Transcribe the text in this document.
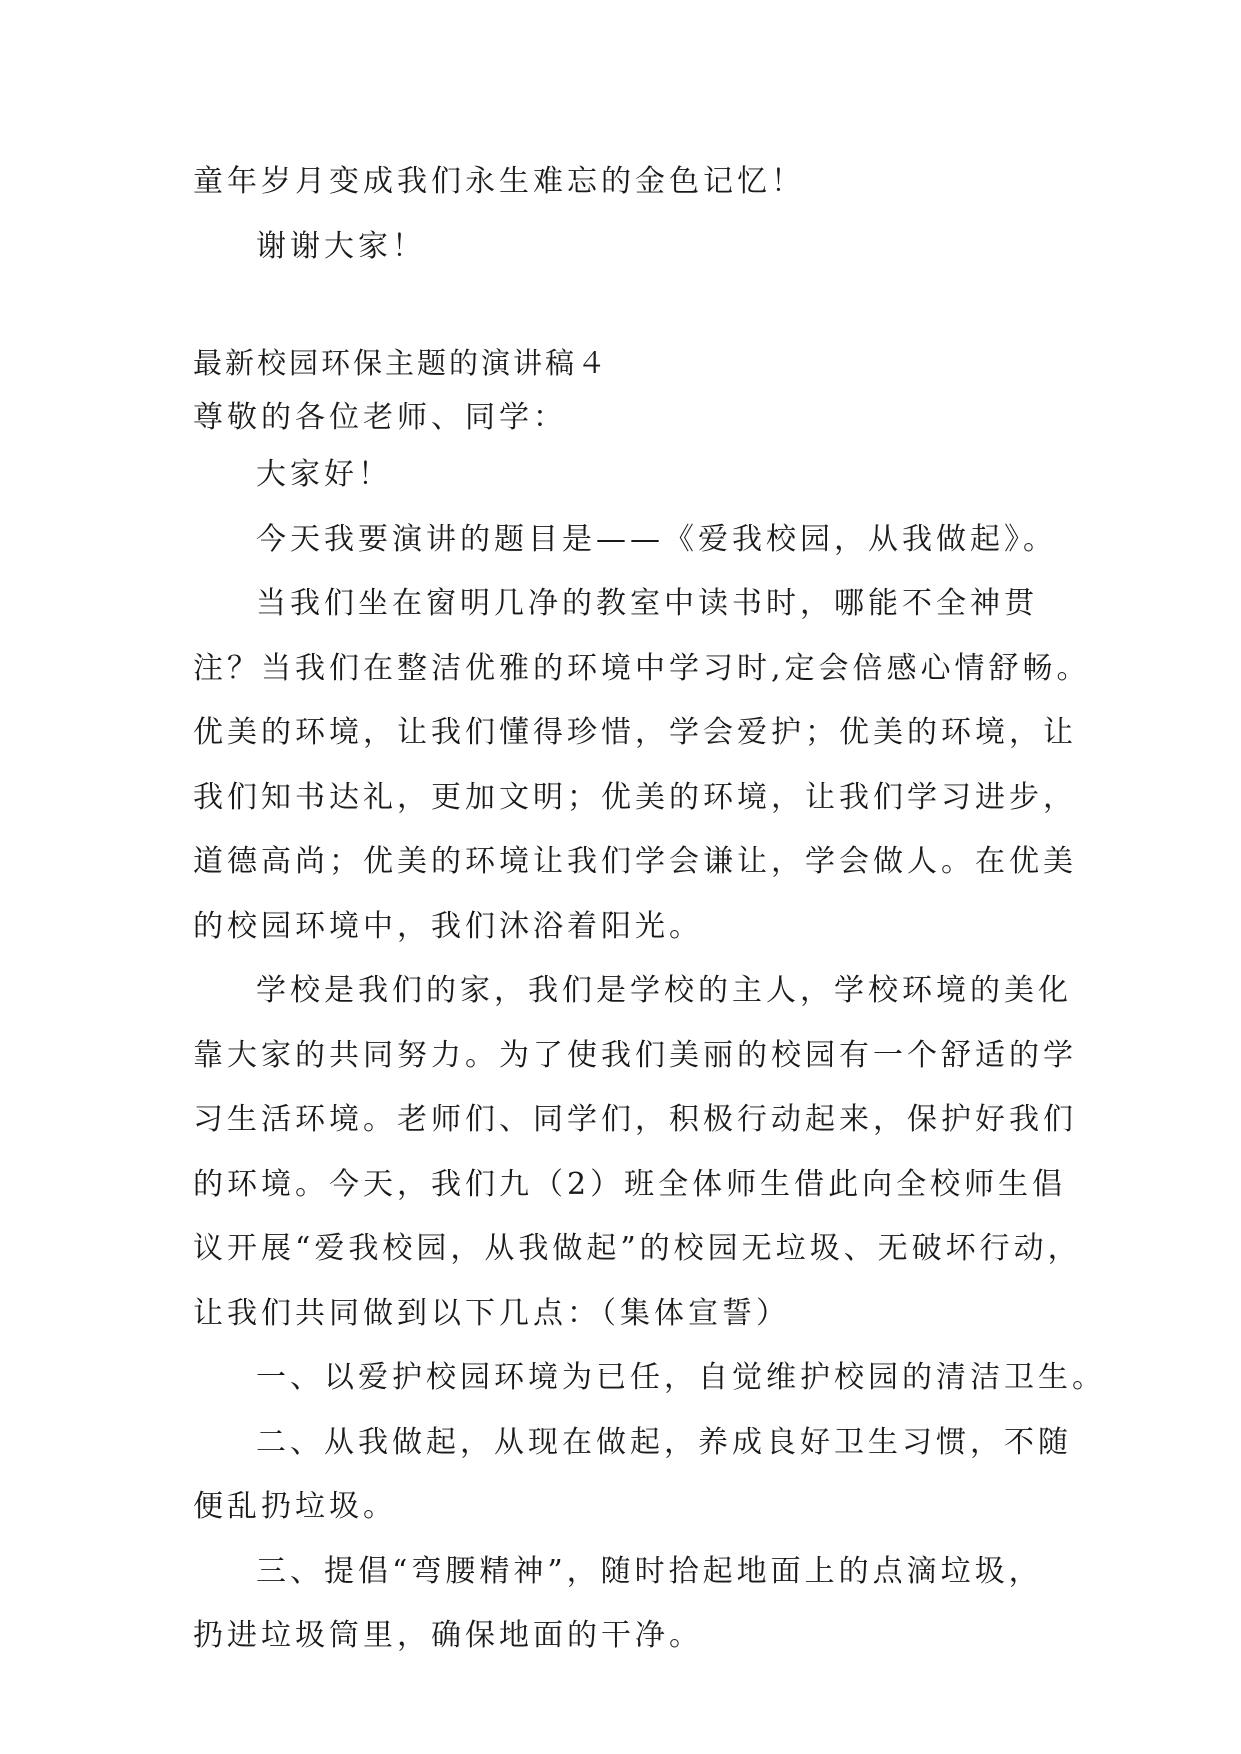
童年岁月变成我们永生难忘的金色记忆！
谢谢大家！
最新校园环保主题的演讲稿４

尊敬的各位老师、同学：

大家好！
今天我要演讲的题目是——《爱我校园，从我做起》。
当我们坐在窗明几净的教室中读书时，哪能不全神贯
注？当我们在整洁优雅的环境中学习时,定会倍感心情舒畅。
优美的环境，让我们懂得珍惜，学会爱护；优美的环境，让
我们知书达礼，更加文明；优美的环境，让我们学习进步，
道德高尚；优美的环境让我们学会谦让，学会做人。在优美
的校园环境中，我们沐浴着阳光。
学校是我们的家，我们是学校的主人，学校环境的美化
靠大家的共同努力。为了使我们美丽的校园有一个舒适的学
习生活环境。老师们、同学们，积极行动起来，保护好我们
的环境。今天，我们九（2）班全体师生借此向全校师生倡
议开展“爱我校园，从我做起”的校园无垃圾、无破坏行动，
让我们共同做到以下几点：（集体宣誓）
一、以爱护校园环境为已任，自觉维护校园的清洁卫生。
二、从我做起，从现在做起，养成良好卫生习惯，不随
便乱扔垃圾。
三、提倡“弯腰精神”，随时拾起地面上的点滴垃圾，
扔进垃圾筒里，确保地面的干净。
